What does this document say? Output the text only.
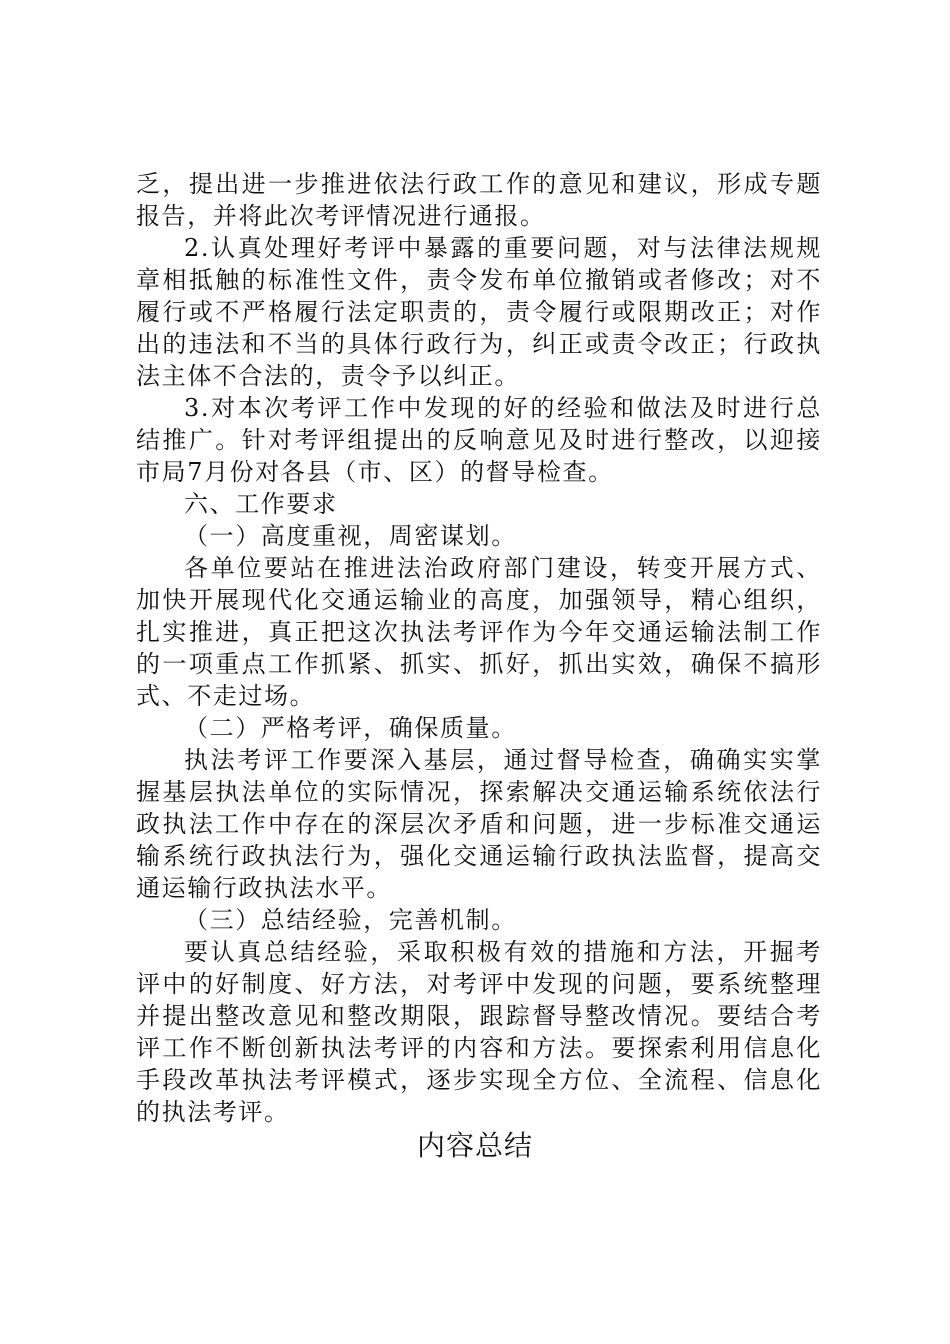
乏，提出进一步推进依法行政工作的意见和建议，形成专题报告，并将此次考评情况进行通报。

2.认真处理好考评中暴露的重要问题，对与法律法规规章相抵触的标准性文件，责令发布单位撤销或者修改；对不履行或不严格履行法定职责的，责令履行或限期改正；对作出的违法和不当的具体行政行为，纠正或责令改正；行政执法主体不合法的，责令予以纠正。

3.对本次考评工作中发现的好的经验和做法及时进行总结推广。针对考评组提出的反响意见及时进行整改，以迎接市局7月份对各县（市、区）的督导检查。

六、工作要求

（一）高度重视，周密谋划。

各单位要站在推进法治政府部门建设，转变开展方式、加快开展现代化交通运输业的高度，加强领导，精心组织，扎实推进，真正把这次执法考评作为今年交通运输法制工作的一项重点工作抓紧、抓实、抓好，抓出实效，确保不搞形式、不走过场。

（二）严格考评，确保质量。

执法考评工作要深入基层，通过督导检查，确确实实掌握基层执法单位的实际情况，探索解决交通运输系统依法行政执法工作中存在的深层次矛盾和问题，进一步标准交通运输系统行政执法行为，强化交通运输行政执法监督，提高交通运输行政执法水平。

（三）总结经验，完善机制。

要认真总结经验，采取积极有效的措施和方法，开掘考评中的好制度、好方法，对考评中发现的问题，要系统整理并提出整改意见和整改期限，跟踪督导整改情况。要结合考评工作不断创新执法考评的内容和方法。要探索利用信息化手段改革执法考评模式，逐步实现全方位、全流程、信息化的执法考评。

内容总结
